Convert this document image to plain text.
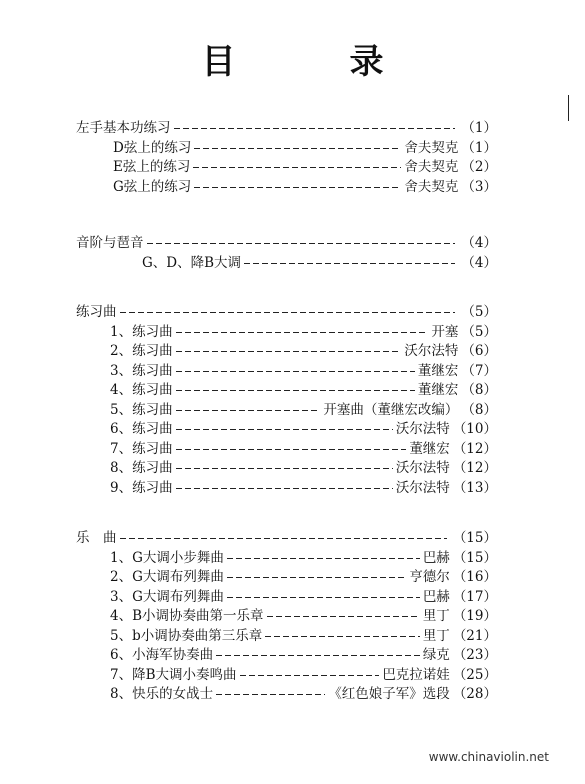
目　录
左手基本功练习	（1）
D弦上的练习	舍夫契克 （1）
E弦上的练习	舍夫契克 （2）
G弦上的练习	舍夫契克 （3）
音阶与琶音	（4）
G、D、降B大调	（4）
练习曲	（5）
1、练习曲	开塞 （5）
2、练习曲	沃尔法特 （6）
3、练习曲	董继宏 （7）
4、练习曲	董继宏 （8）
5、练习曲	开塞曲（董继宏改编） （8）
6、练习曲	沃尔法特 （10）
7、练习曲	董继宏 （12）
8、练习曲	沃尔法特 （12）
9、练习曲	沃尔法特 （13）
乐　曲	（15）
1、G大调小步舞曲	巴赫 （15）
2、G大调布列舞曲	亨德尔 （16）
3、G大调布列舞曲	巴赫 （17）
4、B小调协奏曲第一乐章	里丁 （19）
5、b小调协奏曲第三乐章	里丁 （21）
6、小海军协奏曲	绿克 （23）
7、降B大调小奏鸣曲	巴克拉诺娃 （25）
8、快乐的女战士	《红色娘子军》选段 （28）
www.chinaviolin.net
